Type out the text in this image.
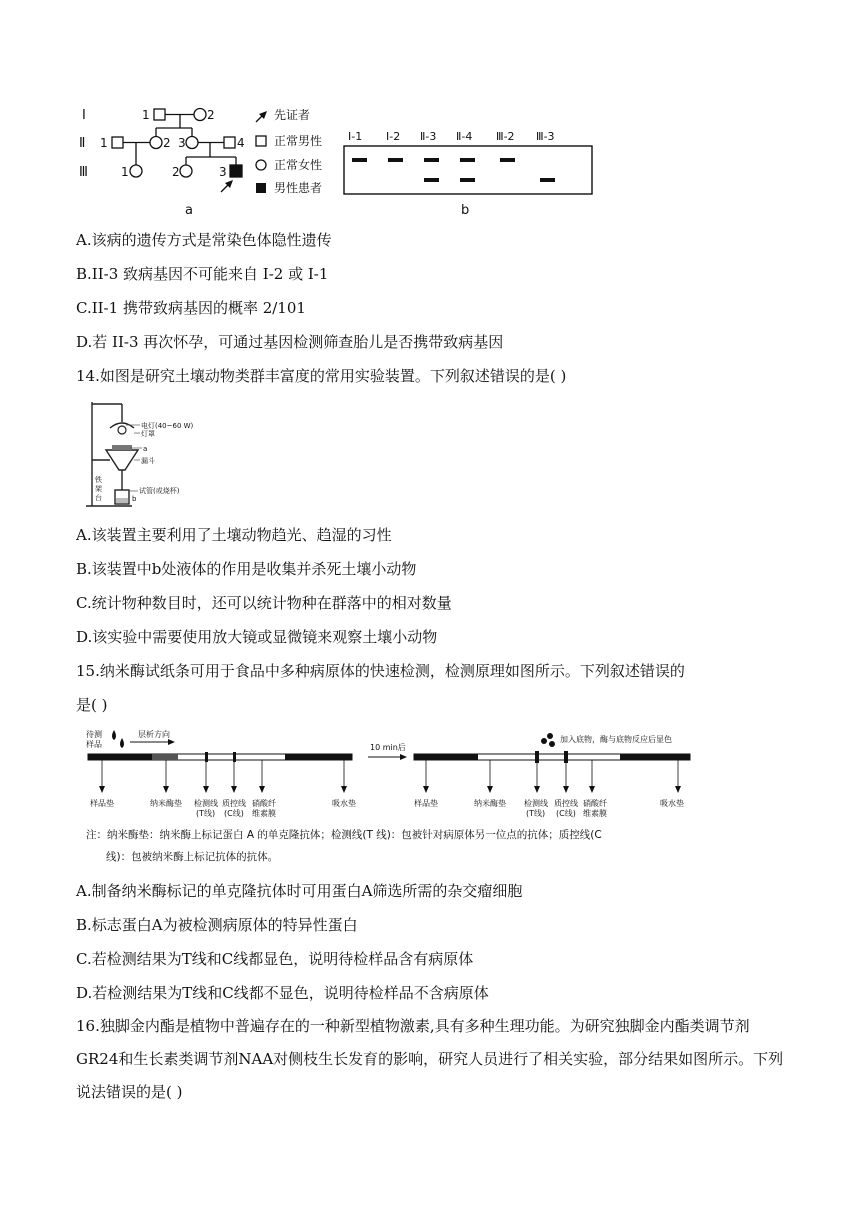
Ⅰ
Ⅱ
Ⅲ
1	2
1	2 3	4
1	2	3
先证者
正常男性
正常女性
男性患者
a
Ⅰ-1 Ⅰ-2 Ⅱ-3 Ⅱ-4 Ⅲ-2 Ⅲ-3
b
A.该病的遗传方式是常染色体隐性遗传
B.II-3 致病基因不可能来自 I-2 或 I-1
C.II-1 携带致病基因的概率 2/101
D.若 II-3 再次怀孕，可通过基因检测筛查胎儿是否携带致病基因
14.如图是研究土壤动物类群丰富度的常用实验装置。下列叙述错误的是( )
电灯(40~60 W)
灯罩
a
漏斗
铁
架
台
试管(或烧杯)
b
A.该装置主要利用了土壤动物趋光、趋湿的习性
B.该装置中b处液体的作用是收集并杀死土壤小动物
C.统计物种数目时，还可以统计物种在群落中的相对数量
D.该实验中需要使用放大镜或显微镜来观察土壤小动物
15.纳米酶试纸条可用于食品中多种病原体的快速检测，检测原理如图所示。下列叙述错误的
是( )
待测
样品
层析方向
样品垫	纳米酶垫 检测线
(T线)
质控线
(C线)
硝酸纤
维素膜
吸水垫
10 min后
加入底物，酶与底物反应后显色
样品垫	纳米酶垫 检测线
(T线)
质控线
(C线)
硝酸纤
维素膜
吸水垫
注：纳米酶垫：纳米酶上标记蛋白 A 的单克隆抗体；检测线(T 线)：包被针对病原体另一位点的抗体；质控线(C
线)：包被纳米酶上标记抗体的抗体。
A.制备纳米酶标记的单克隆抗体时可用蛋白A筛选所需的杂交瘤细胞
B.标志蛋白A为被检测病原体的特异性蛋白
C.若检测结果为T线和C线都显色，说明待检样品含有病原体
D.若检测结果为T线和C线都不显色，说明待检样品不含病原体
16.独脚金内酯是植物中普遍存在的一种新型植物激素,具有多种生理功能。为研究独脚金内酯类调节剂GR24和生长素类调节剂NAA对侧枝生长发育的影响，研究人员进行了相关实验，部分结果如图所示。下列说法错误的是( )
